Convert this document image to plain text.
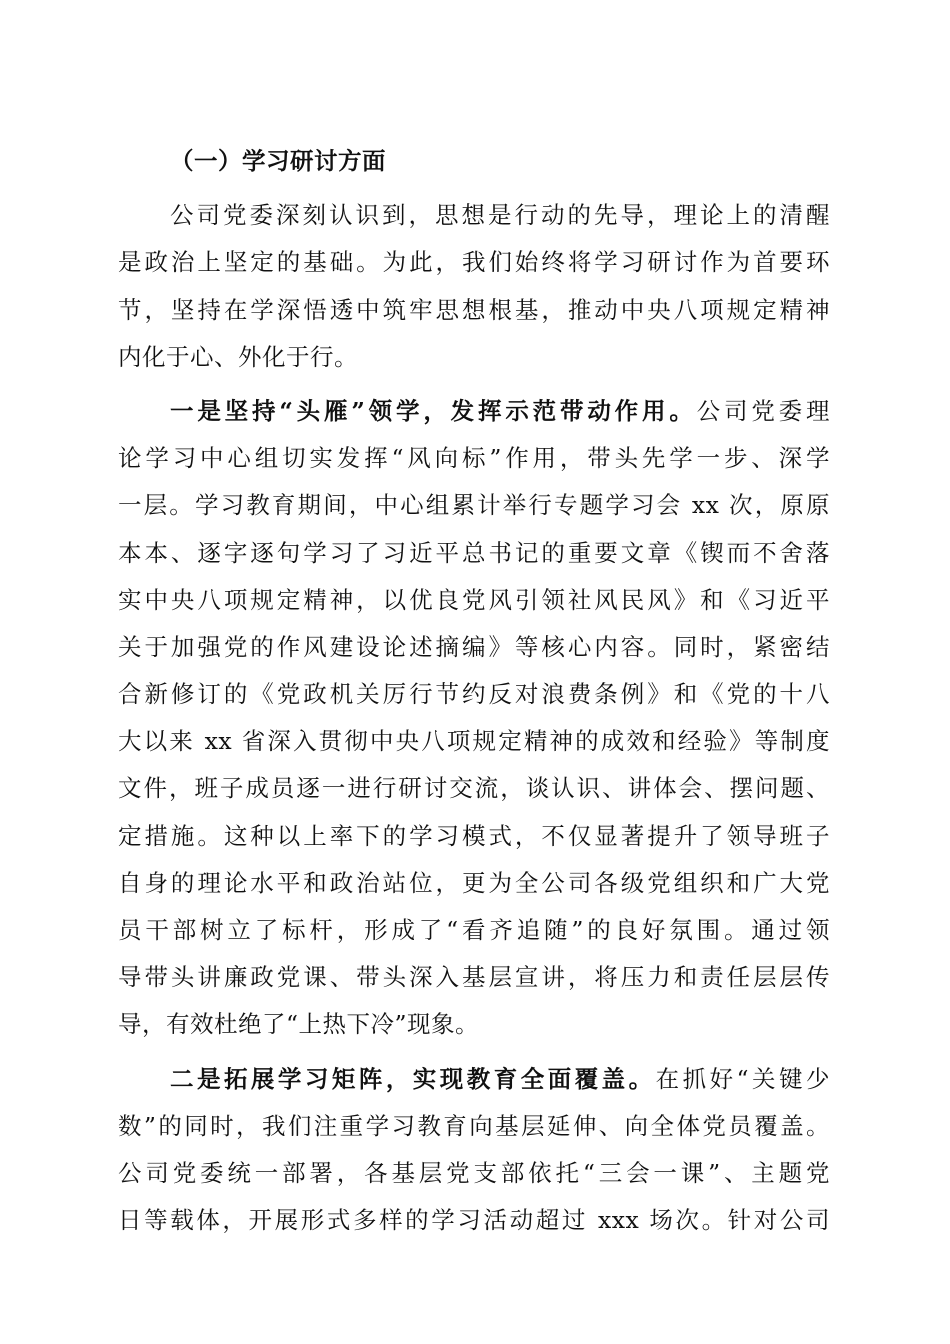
（一）学习研讨方面
公司党委深刻认识到，思想是行动的先导，理论上的清醒
是政治上坚定的基础。为此，我们始终将学习研讨作为首要环
节，坚持在学深悟透中筑牢思想根基，推动中央八项规定精神
内化于心、外化于行。
一是坚持“头雁”领学，发挥示范带动作用。公司党委理
论学习中心组切实发挥“风向标”作用，带头先学一步、深学
一层。学习教育期间，中心组累计举行专题学习会 xx 次，原原
本本、逐字逐句学习了习近平总书记的重要文章《锲而不舍落
实中央八项规定精神，以优良党风引领社风民风》和《习近平
关于加强党的作风建设论述摘编》等核心内容。同时，紧密结
合新修订的《党政机关厉行节约反对浪费条例》和《党的十八
大以来 xx 省深入贯彻中央八项规定精神的成效和经验》等制度
文件，班子成员逐一进行研讨交流，谈认识、讲体会、摆问题、
定措施。这种以上率下的学习模式，不仅显著提升了领导班子
自身的理论水平和政治站位，更为全公司各级党组织和广大党
员干部树立了标杆，形成了“看齐追随”的良好氛围。通过领
导带头讲廉政党课、带头深入基层宣讲，将压力和责任层层传
导，有效杜绝了“上热下冷”现象。
二是拓展学习矩阵，实现教育全面覆盖。在抓好“关键少
数”的同时，我们注重学习教育向基层延伸、向全体党员覆盖。
公司党委统一部署，各基层党支部依托“三会一课”、主题党
日等载体，开展形式多样的学习活动超过 xxx 场次。针对公司
